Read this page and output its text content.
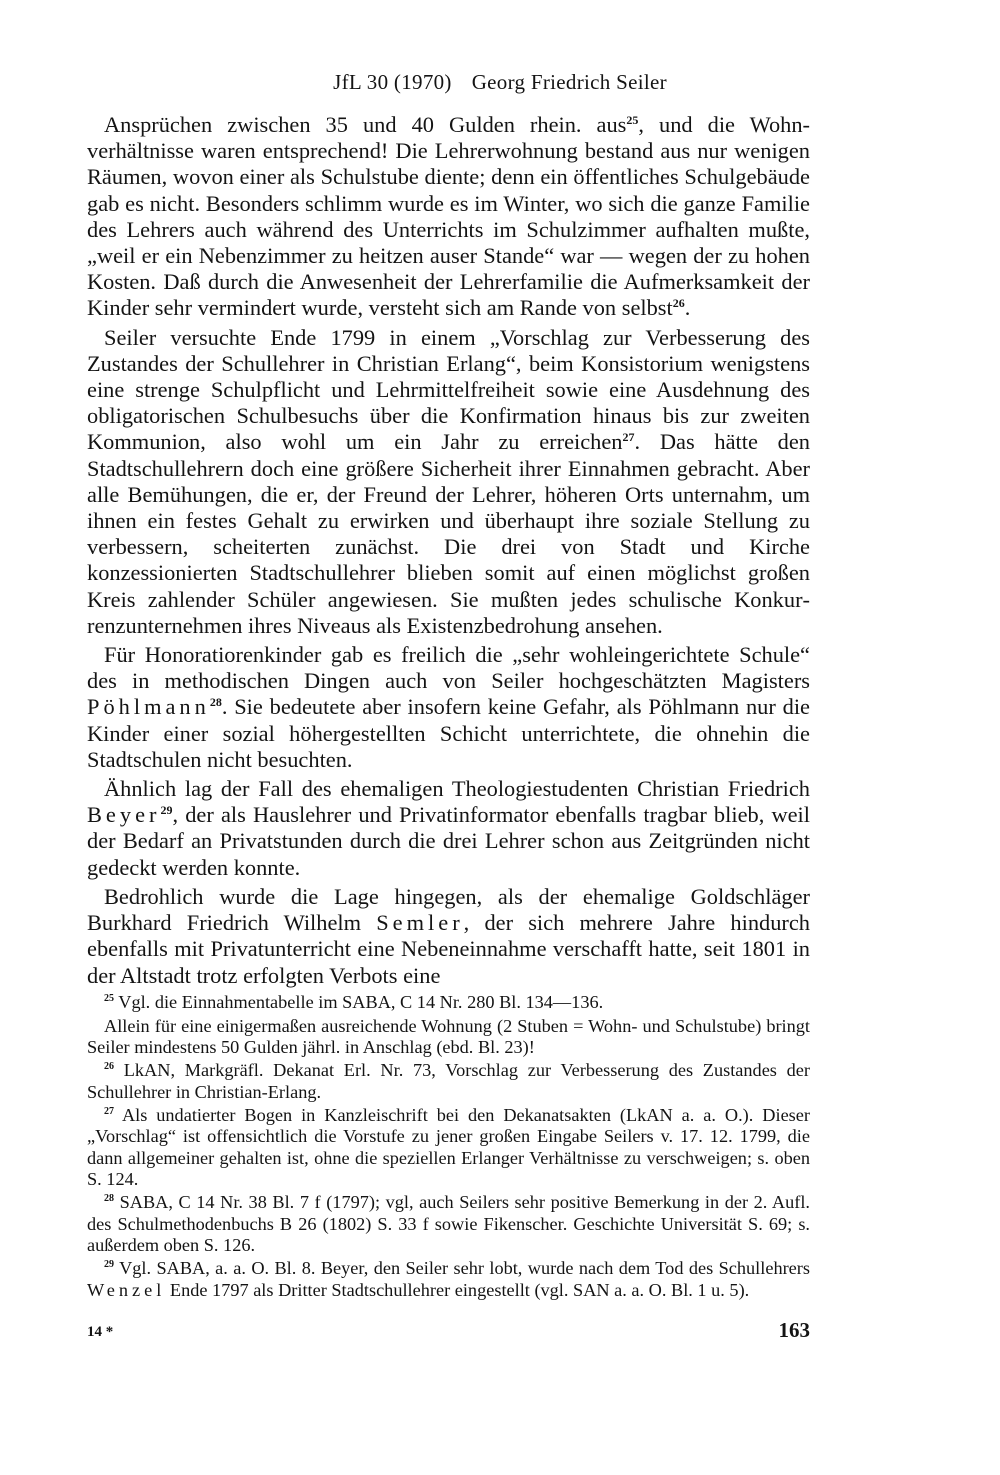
JfL 30 (1970) Georg Friedrich Seiler

Ansprüchen zwischen 35 und 40 Gulden rhein. aus$^{25}$, und die Wohnverhältnisse waren entsprechend! Die Lehrerwohnung bestand aus nur wenigen Räumen, wovon einer als Schulstube diente; denn ein öffentliches Schulgebäude gab es nicht. Besonders schlimm wurde es im Winter, wo sich die ganze Familie des Lehrers auch während des Unterrichts im Schulzimmer aufhalten mußte, „weil er ein Nebenzimmer zu heitzen auser Stande“ war — wegen der zu hohen Kosten. Daß durch die Anwesenheit der Lehrerfamilie die Aufmerksamkeit der Kinder sehr vermindert wurde, versteht sich am Rande von selbst$^{26}$.

Seiler versuchte Ende 1799 in einem „Vorschlag zur Verbesserung des Zustandes der Schullehrer in Christian Erlang“, beim Konsistorium wenigstens eine strenge Schulpflicht und Lehrmittelfreiheit sowie eine Ausdehnung des obligatorischen Schulbesuchs über die Konfirmation hinaus bis zur zweiten Kommunion, also wohl um ein Jahr zu erreichen$^{27}$. Das hätte den Stadtschullehrern doch eine größere Sicherheit ihrer Einnahmen gebracht. Aber alle Bemühungen, die er, der Freund der Lehrer, höheren Orts unternahm, um ihnen ein festes Gehalt zu erwirken und überhaupt ihre soziale Stellung zu verbessern, scheiterten zunächst. Die drei von Stadt und Kirche konzessionierten Stadtschullehrer blieben somit auf einen möglichst großen Kreis zahlender Schüler angewiesen. Sie mußten jedes schulische Konkurrenzunternehmen ihres Niveaus als Existenzbedrohung ansehen.

Für Honoratiorenkinder gab es freilich die „sehr wohleingerichtete Schule“ des in methodischen Dingen auch von Seiler hochgeschätzten Magisters Pöhlmann$^{28}$. Sie bedeutete aber insofern keine Gefahr, als Pöhlmann nur die Kinder einer sozial höhergestellten Schicht unterrichtete, die ohnehin die Stadtschulen nicht besuchten.

Ähnlich lag der Fall des ehemaligen Theologiestudenten Christian Friedrich Beyer$^{29}$, der als Hauslehrer und Privatinformator ebenfalls tragbar blieb, weil der Bedarf an Privatstunden durch die drei Lehrer schon aus Zeitgründen nicht gedeckt werden konnte.

Bedrohlich wurde die Lage hingegen, als der ehemalige Goldschläger Burkhard Friedrich Wilhelm Semler, der sich mehrere Jahre hindurch ebenfalls mit Privatunterricht eine Nebeneinnahme verschafft hatte, seit 1801 in der Altstadt trotz erfolgten Verbots eine

$^{25}$ Vgl. die Einnahmentabelle im SABA, C 14 Nr. 280 Bl. 134—136.

Allein für eine einigermaßen ausreichende Wohnung (2 Stuben = Wohn- und Schulstube) bringt Seiler mindestens 50 Gulden jährl. in Anschlag (ebd. Bl. 23)!

$^{26}$ LkAN, Markgräfl. Dekanat Erl. Nr. 73, Vorschlag zur Verbesserung des Zustandes der Schullehrer in Christian-Erlang.

$^{27}$ Als undatierter Bogen in Kanzleischrift bei den Dekanatsakten (LkAN a. a. O.). Dieser „Vorschlag“ ist offensichtlich die Vorstufe zu jener großen Eingabe Seilers v. 17. 12. 1799, die dann allgemeiner gehalten ist, ohne die speziellen Erlanger Verhältnisse zu verschweigen; s. oben S. 124.

$^{28}$ SABA, C 14 Nr. 38 Bl. 7 f (1797); vgl, auch Seilers sehr positive Bemerkung in der 2. Aufl. des Schulmethodenbuchs B 26 (1802) S. 33 f sowie Fikenscher. Geschichte Universität S. 69; s. außerdem oben S. 126.

$^{29}$ Vgl. SABA, a. a. O. Bl. 8. Beyer, den Seiler sehr lobt, wurde nach dem Tod des Schullehrers Wenzel Ende 1797 als Dritter Stadtschullehrer eingestellt (vgl. SAN a. a. O. Bl. 1 u. 5).

14 *	163
